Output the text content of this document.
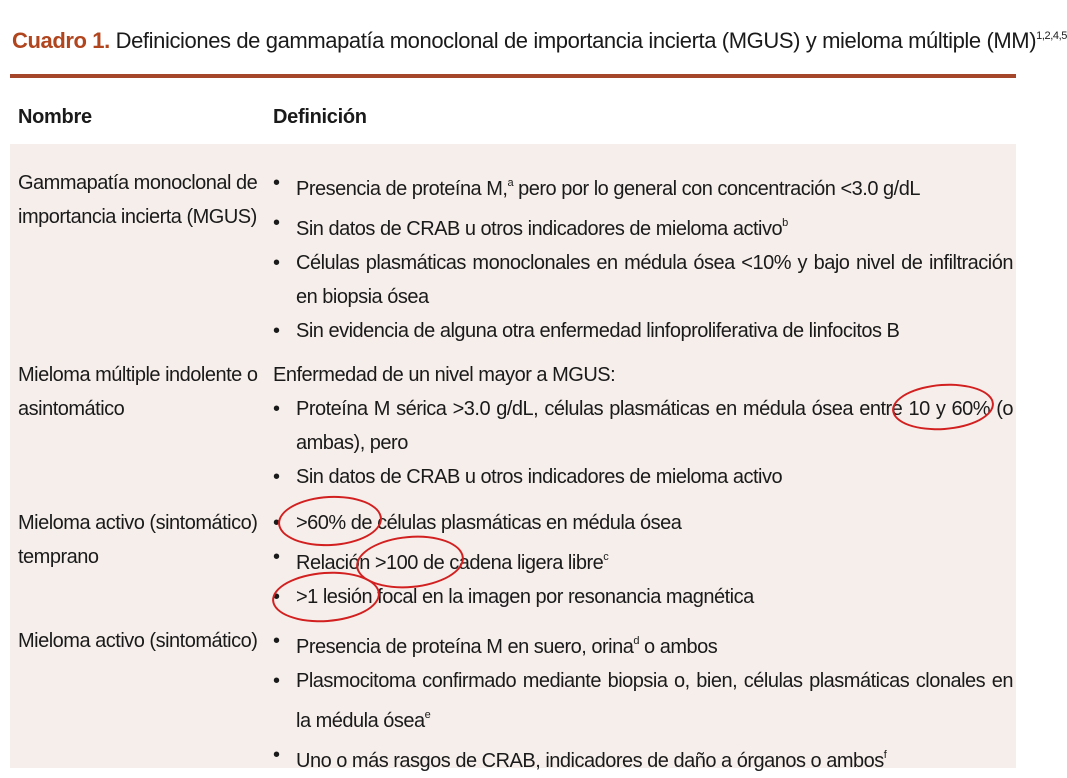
Cuadro 1. Definiciones de gammapatía monoclonal de importancia incierta (MGUS) y mieloma múltiple (MM)$^{1,2,4,5}$
Nombre	Definición
Gammapatía monoclonal de importancia incierta (MGUS)
• Presencia de proteína M,$^a$ pero por lo general con concentración <3.0 g/dL
• Sin datos de CRAB u otros indicadores de mieloma activo$^b$
• Células plasmáticas monoclonales en médula ósea <10% y bajo nivel de infiltración en biopsia ósea
• Sin evidencia de alguna otra enfermedad linfoproliferativa de linfocitos B
Mieloma múltiple indolente o asintomático
Enfermedad de un nivel mayor a MGUS:
• Proteína M sérica >3.0 g/dL, células plasmáticas en médula ósea entre 10 y 60% (o ambas), pero
• Sin datos de CRAB u otros indicadores de mieloma activo
Mieloma activo (sintomático) temprano
• >60% de células plasmáticas en médula ósea
• Relación >100 de cadena ligera libre$^c$
• >1 lesión focal en la imagen por resonancia magnética
Mieloma activo (sintomático) • Presencia de proteína M en suero, orina$^d$ o ambos
• Plasmocitoma confirmado mediante biopsia o, bien, células plasmáticas clonales en la médula ósea$^e$
• Uno o más rasgos de CRAB, indicadores de daño a órganos o ambos$^f$
